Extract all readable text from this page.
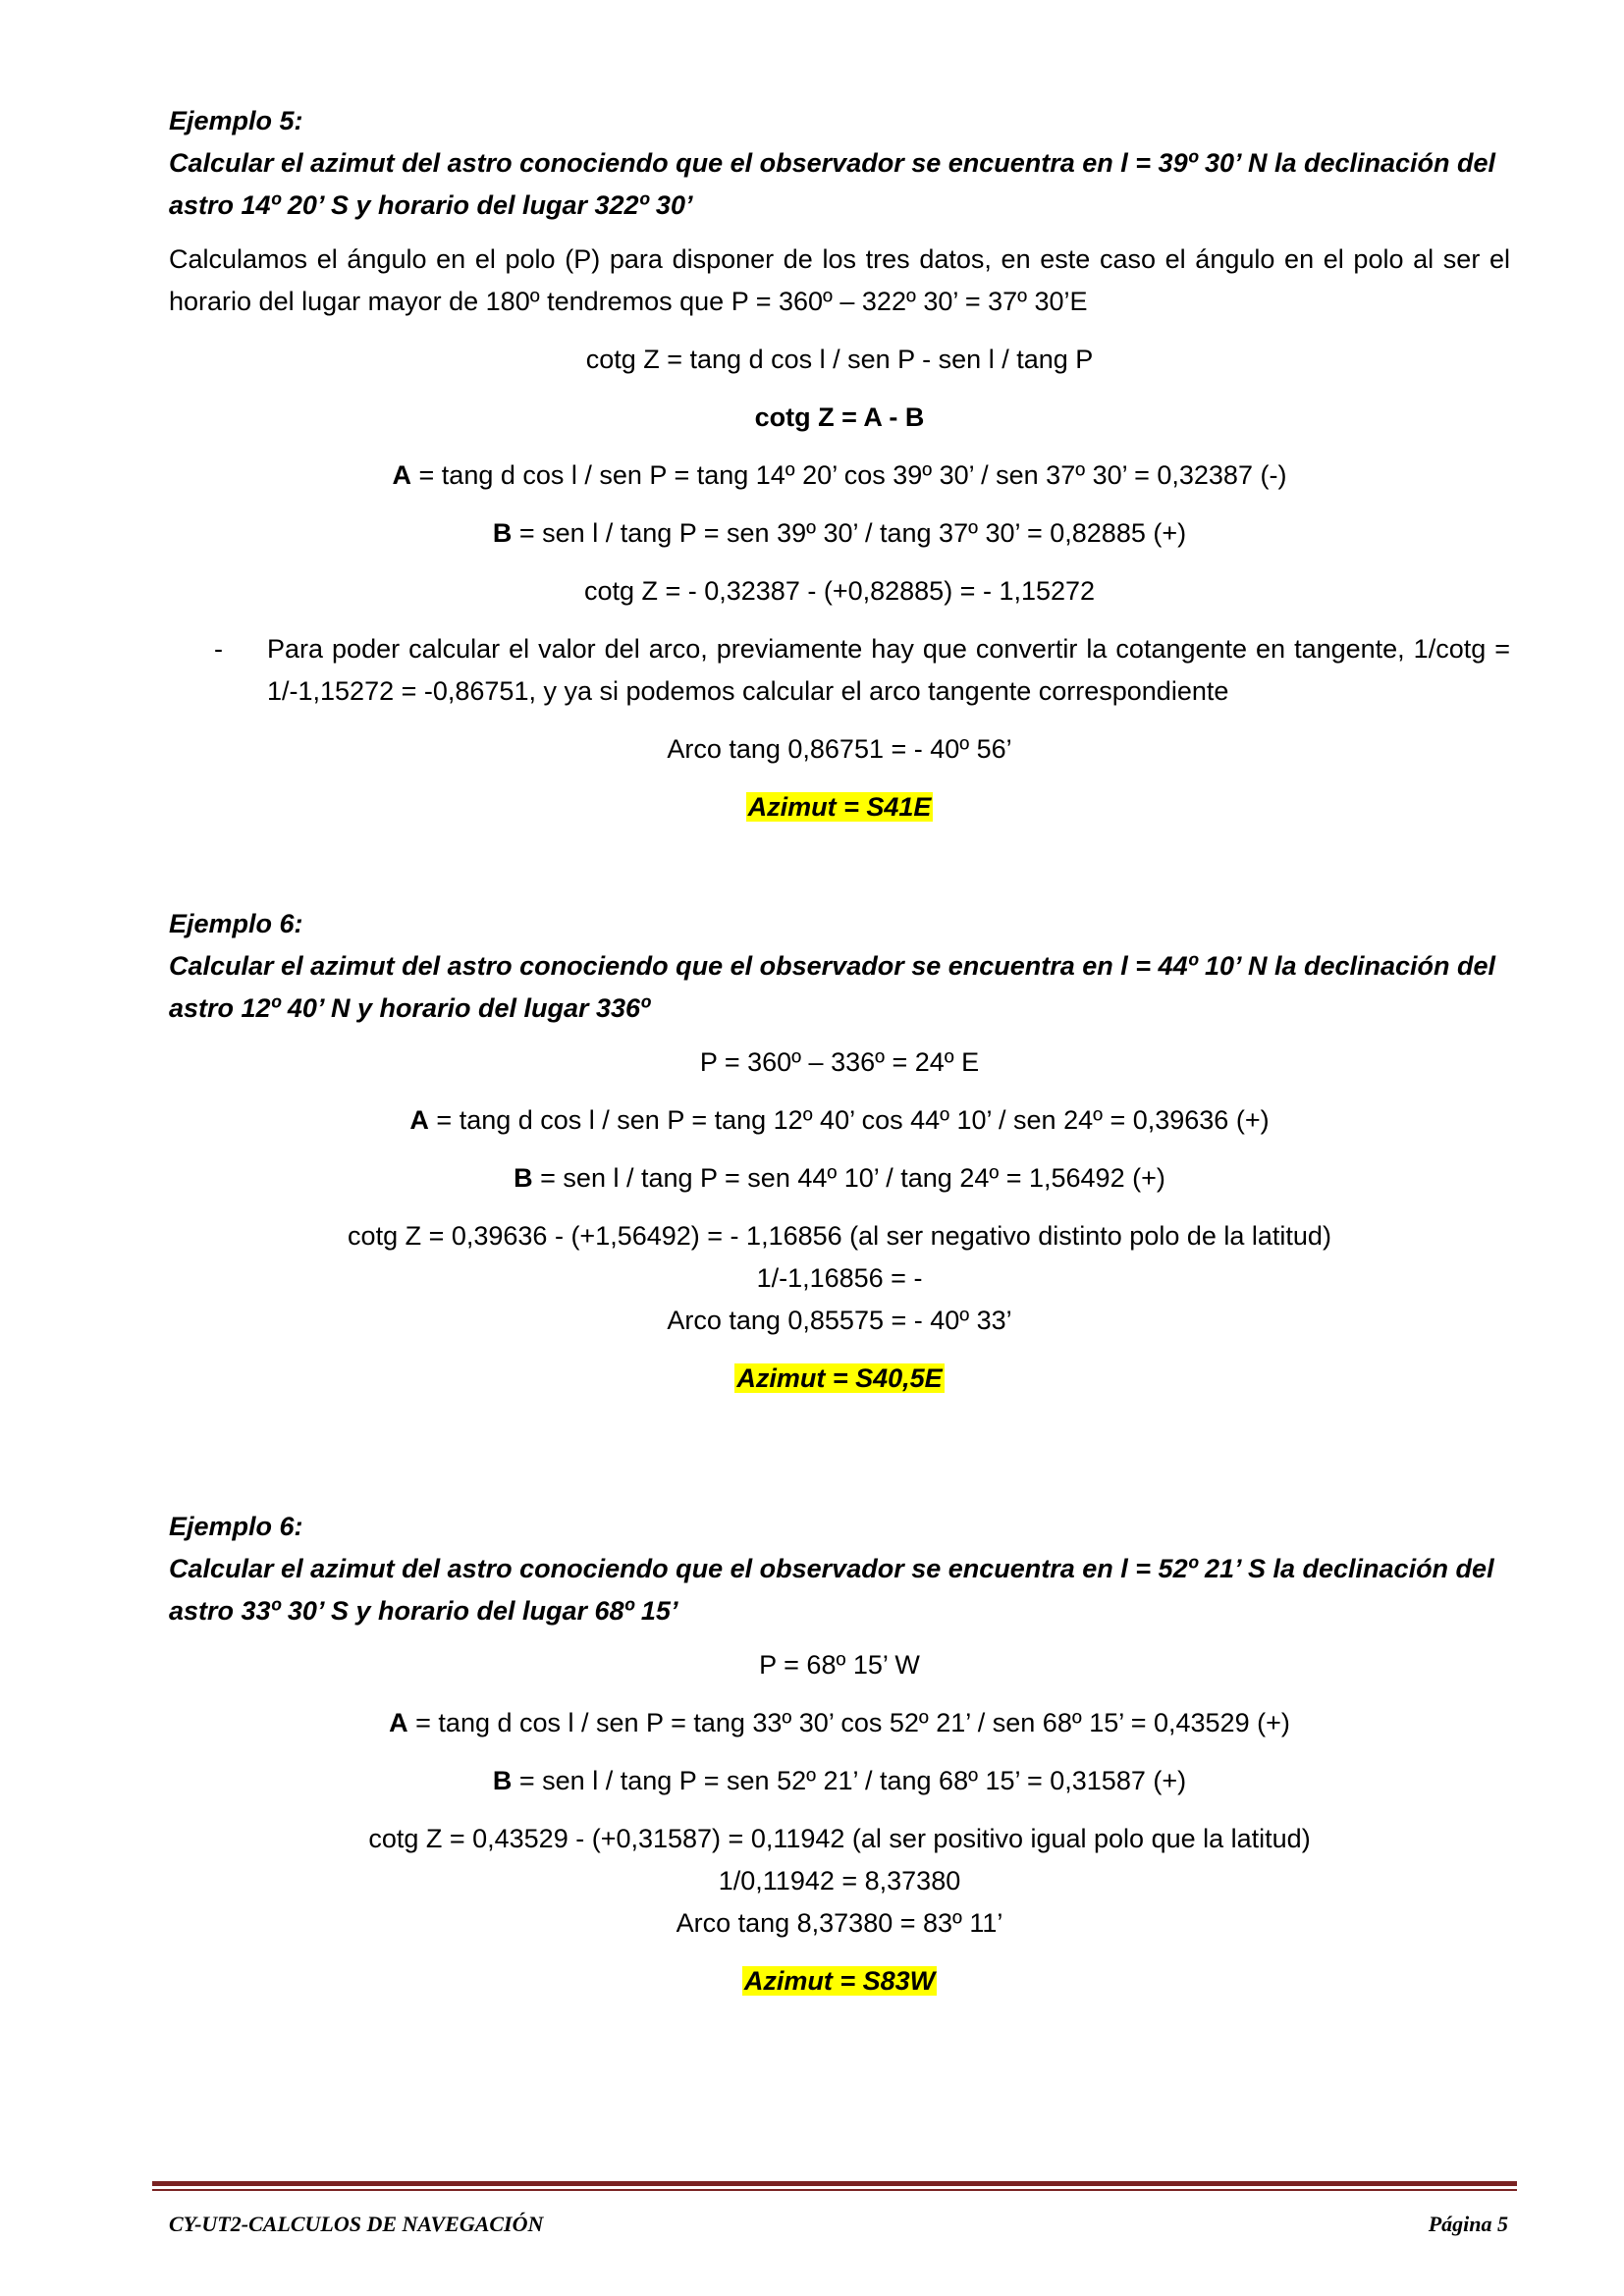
Ejemplo 5:

Calcular el azimut del astro conociendo que el observador se encuentra en l = 39º 30’ N la declinación del astro 14º 20’ S y horario del lugar 322º 30’

Calculamos el ángulo en el polo (P) para disponer de los tres datos, en este caso el ángulo en el polo al ser el horario del lugar mayor de 180º tendremos que P = 360º – 322º 30’ = 37º 30’E

cotg Z = tang d cos l / sen P - sen l / tang P

cotg Z = A - B

A = tang d cos l / sen P = tang 14º 20’ cos 39º 30’ / sen 37º 30’ = 0,32387 (-)

B = sen l / tang P = sen 39º 30’ / tang 37º 30’ = 0,82885 (+)

cotg Z = - 0,32387 - (+0,82885) = - 1,15272

-	Para poder calcular el valor del arco, previamente hay que convertir la cotangente en tangente, 1/cotg = 1/-1,15272 = -0,86751, y ya si podemos calcular el arco tangente correspondiente

Arco tang 0,86751 = - 40º 56’

Azimut = S41E

Ejemplo 6:

Calcular el azimut del astro conociendo que el observador se encuentra en l = 44º 10’ N la declinación del astro 12º 40’ N y horario del lugar 336º

P = 360º – 336º = 24º E

A = tang d cos l / sen P = tang 12º 40’ cos 44º 10’ / sen 24º = 0,39636 (+)

B = sen l / tang P = sen 44º 10’ / tang 24º = 1,56492 (+)

cotg Z = 0,39636 - (+1,56492) = - 1,16856 (al ser negativo distinto polo de la latitud)

1/-1,16856 = -

Arco tang 0,85575 = - 40º 33’

Azimut = S40,5E

Ejemplo 6:

Calcular el azimut del astro conociendo que el observador se encuentra en l = 52º 21’ S la declinación del astro 33º 30’ S y horario del lugar 68º 15’

P = 68º 15’ W

A = tang d cos l / sen P = tang 33º 30’ cos 52º 21’ / sen 68º 15’ = 0,43529 (+)

B = sen l / tang P = sen 52º 21’ / tang 68º 15’ = 0,31587 (+)

cotg Z = 0,43529 - (+0,31587) = 0,11942 (al ser positivo igual polo que la latitud)

1/0,11942 = 8,37380

Arco tang 8,37380 = 83º 11’

Azimut = S83W

CY-UT2-CALCULOS DE NAVEGACIÓN	Página 5
